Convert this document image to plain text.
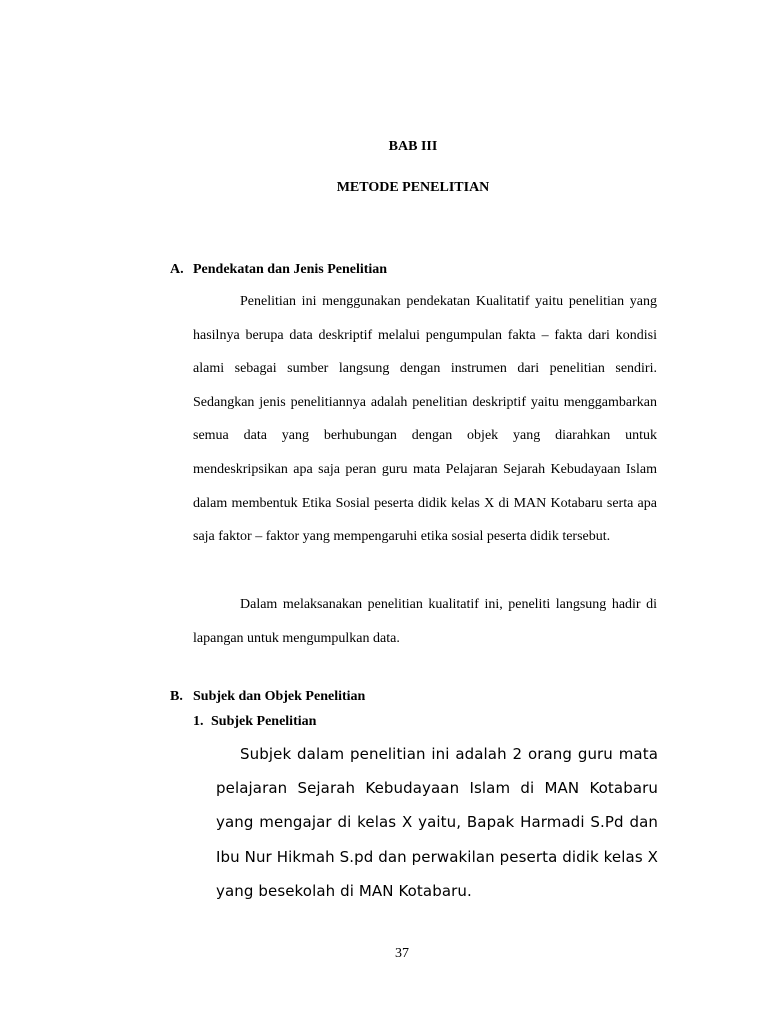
BAB III
METODE PENELITIAN
A. Pendekatan dan Jenis Penelitian

Penelitian ini menggunakan pendekatan Kualitatif yaitu penelitian yang hasilnya berupa data deskriptif melalui pengumpulan fakta – fakta dari kondisi alami sebagai sumber langsung dengan instrumen dari penelitian sendiri. Sedangkan jenis penelitiannya adalah penelitian deskriptif yaitu menggambarkan semua data yang berhubungan dengan objek yang diarahkan untuk mendeskripsikan apa saja peran guru mata Pelajaran Sejarah Kebudayaan Islam dalam membentuk Etika Sosial peserta didik kelas X di MAN Kotabaru serta apa saja faktor – faktor yang mempengaruhi etika sosial peserta didik tersebut.

Dalam melaksanakan penelitian kualitatif ini, peneliti langsung hadir di lapangan untuk mengumpulkan data.

B. Subjek dan Objek Penelitian
1. Subjek Penelitian

Subjek dalam penelitian ini adalah 2 orang guru mata pelajaran Sejarah Kebudayaan Islam di MAN Kotabaru yang mengajar di kelas X yaitu, Bapak Harmadi S.Pd dan Ibu Nur Hikmah S.pd dan perwakilan peserta didik kelas X yang besekolah di MAN Kotabaru.

37
